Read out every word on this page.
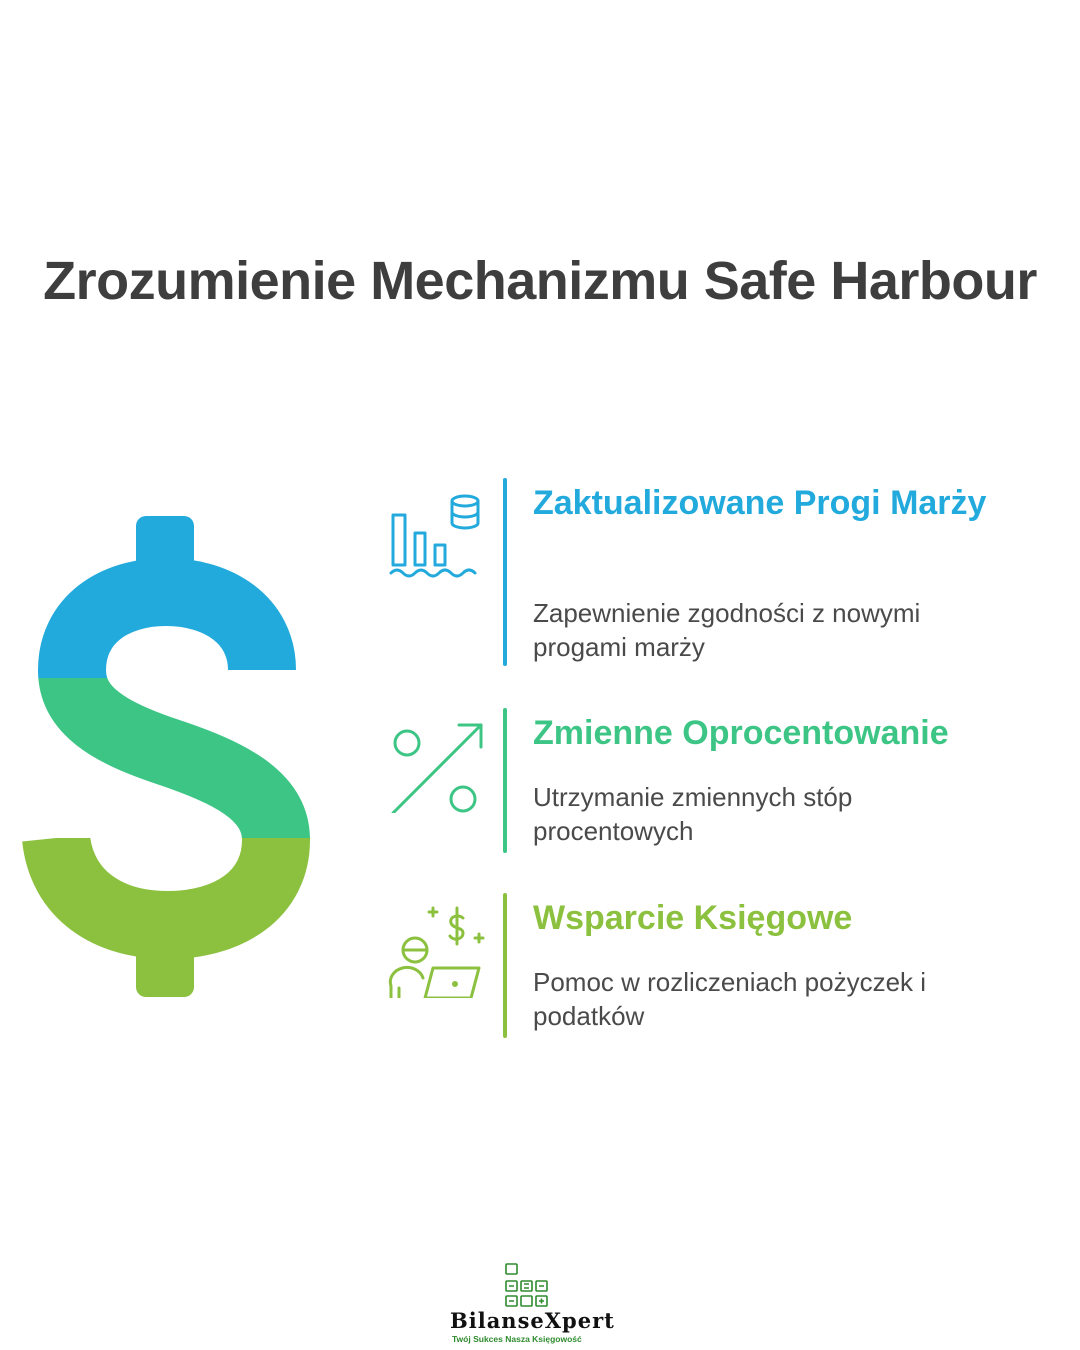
Zrozumienie Mechanizmu Safe Harbour
Zaktualizowane Progi Marży
Zapewnienie zgodności z nowymi progami marży
Zmienne Oprocentowanie
Utrzymanie zmiennych stóp procentowych
Wsparcie Księgowe
Pomoc w rozliczeniach pożyczek i podatków
BilanseXpert
Twój Sukces Nasza Księgowość
